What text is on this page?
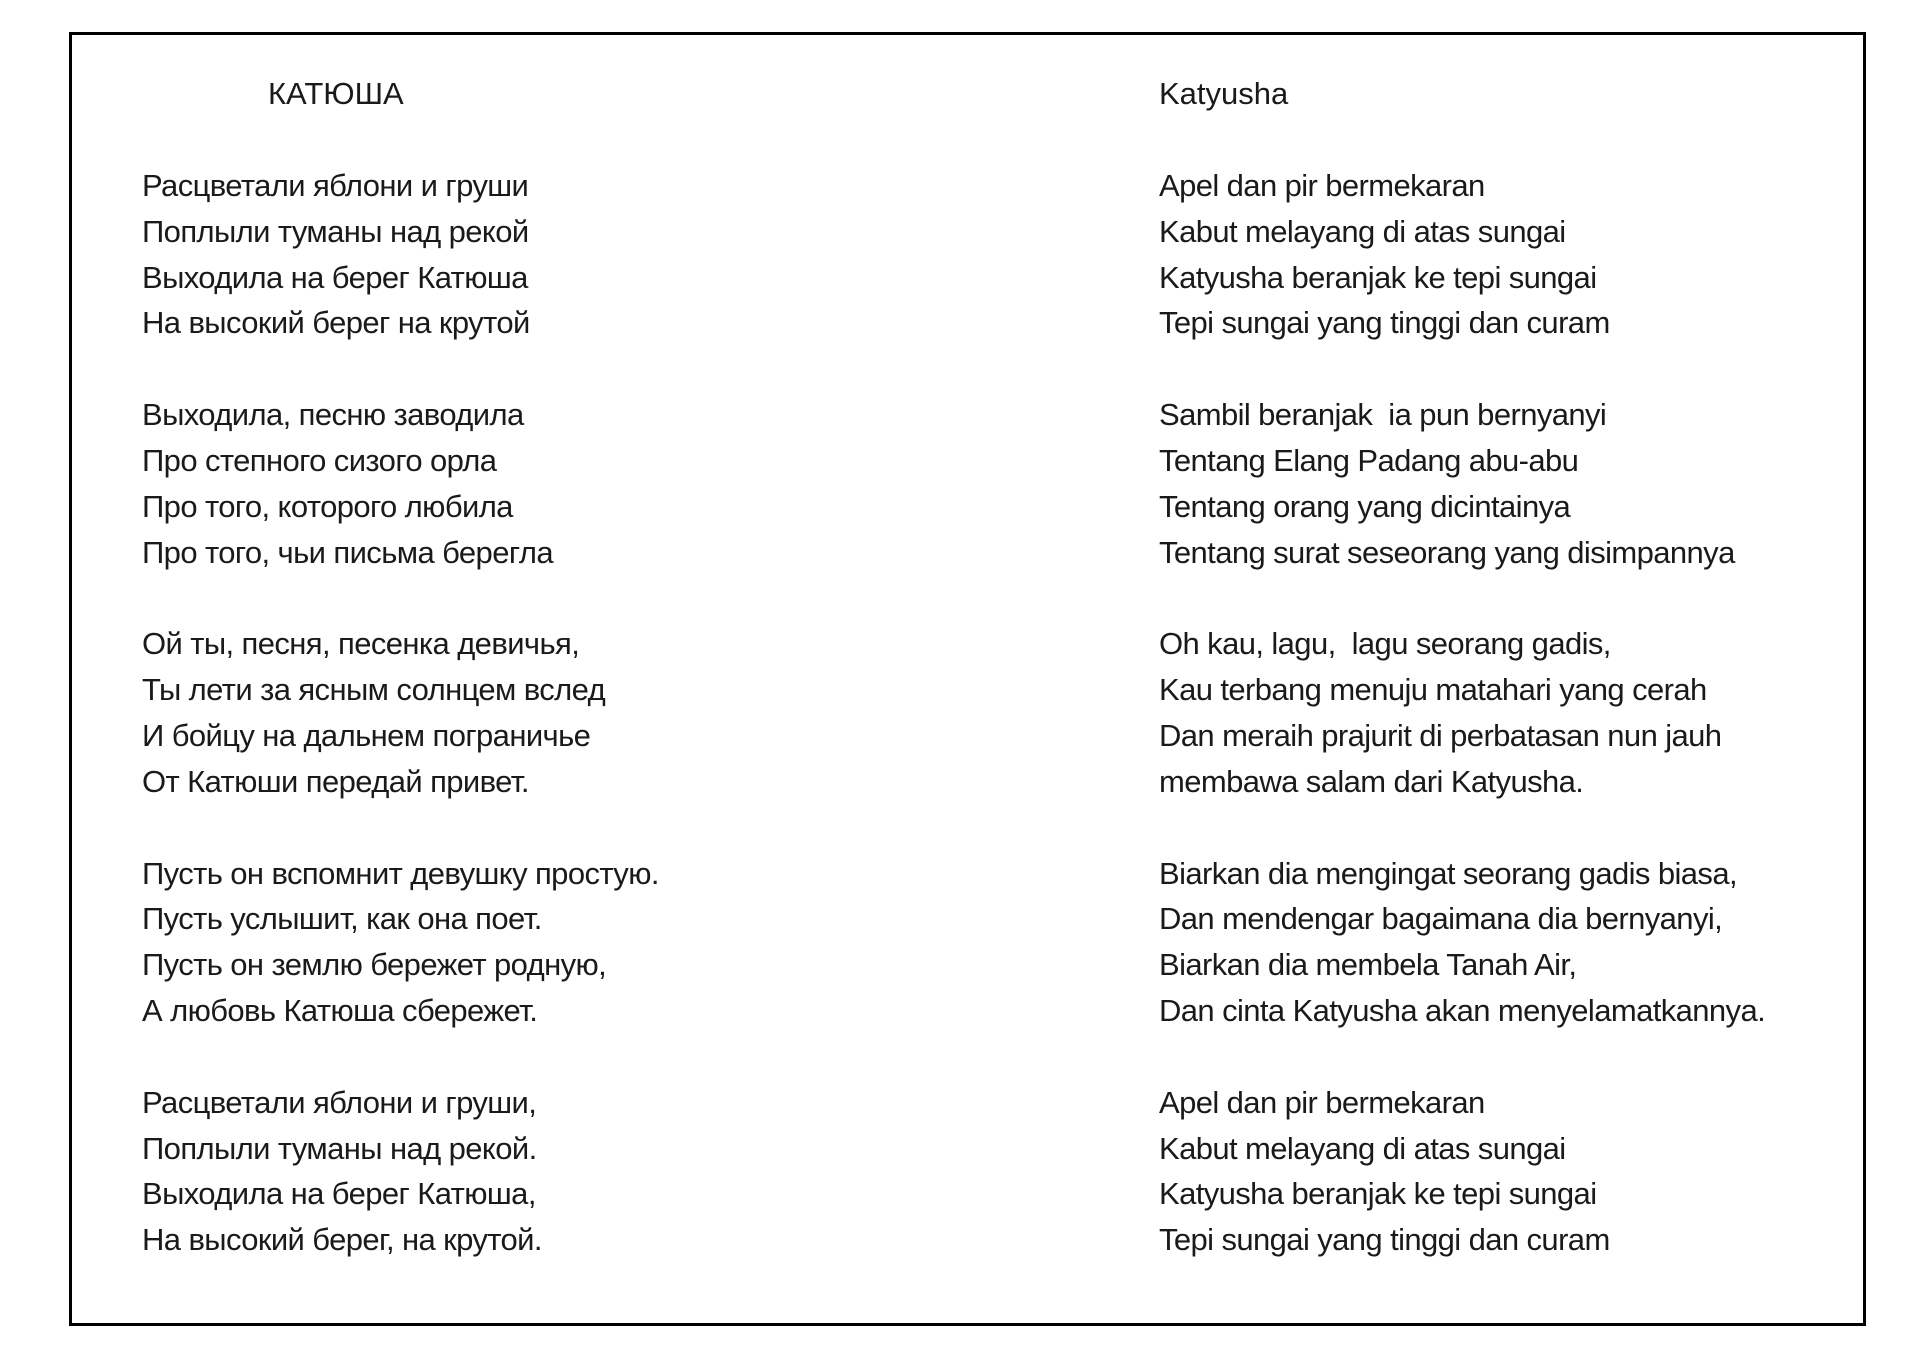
КАТЮША
Расцветали яблони и груши
Поплыли туманы над рекой
Выходила на берег Катюша
На высокий берег на крутой
Выходила, песню заводила
Про степного сизого орла
Про того, которого любила
Про того, чьи письма берегла
Ой ты, песня, песенка девичья,
Ты лети за ясным солнцем вслед
И бойцу на дальнем пограничье
От Катюши передай привет.
Пусть он вспомнит девушку простую.
Пусть услышит, как она поет.
Пусть он землю бережет родную,
А любовь Катюша сбережет.
Расцветали яблони и груши,
Поплыли туманы над рекой.
Выходила на берег Катюша,
На высокий берег, на крутой.
Katyusha
Apel dan pir bermekaran
Kabut melayang di atas sungai
Katyusha beranjak ke tepi sungai
Tepi sungai yang tinggi dan curam
Sambil beranjak  ia pun bernyanyi
Tentang Elang Padang abu-abu
Tentang orang yang dicintainya
Tentang surat seseorang yang disimpannya
Oh kau, lagu,  lagu seorang gadis,
Kau terbang menuju matahari yang cerah
Dan meraih prajurit di perbatasan nun jauh
membawa salam dari Katyusha.
Biarkan dia mengingat seorang gadis biasa,
Dan mendengar bagaimana dia bernyanyi,
Biarkan dia membela Tanah Air,
Dan cinta Katyusha akan menyelamatkannya.
Apel dan pir bermekaran
Kabut melayang di atas sungai
Katyusha beranjak ke tepi sungai
Tepi sungai yang tinggi dan curam
